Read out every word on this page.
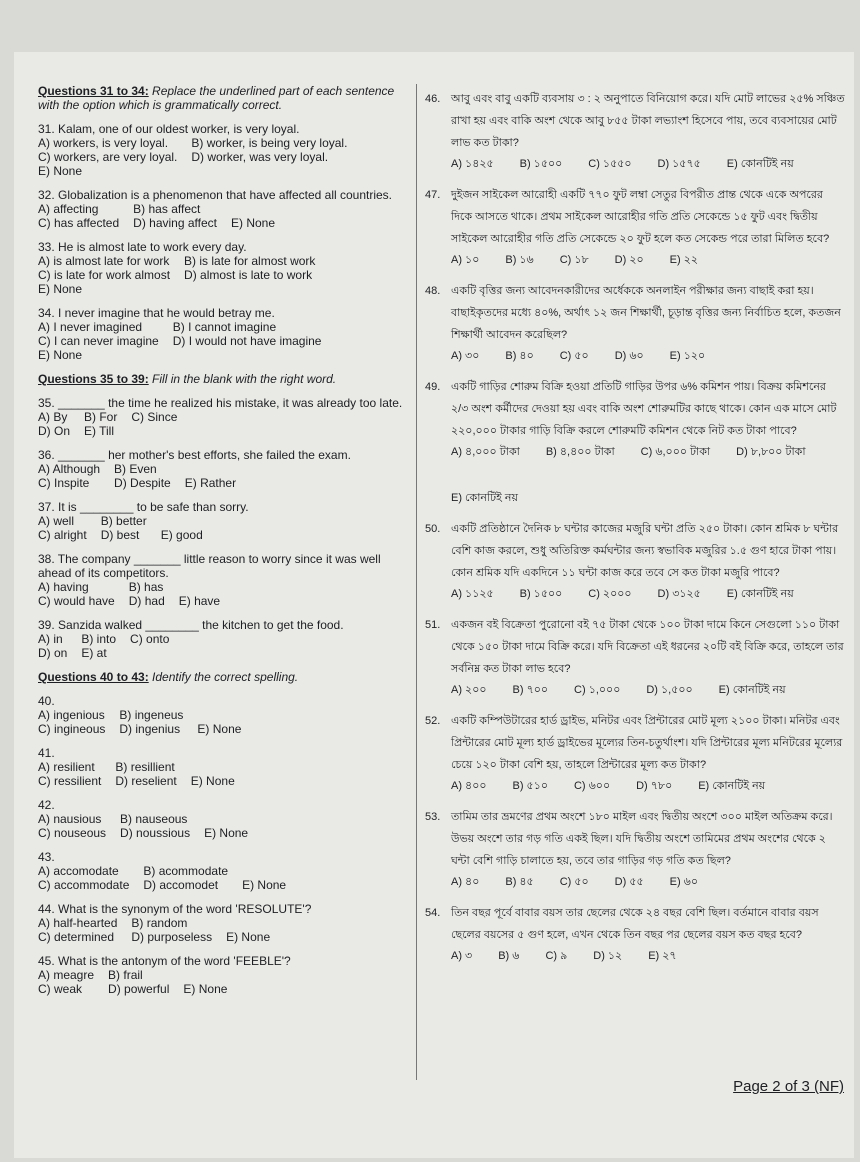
Questions 31 to 34: Replace the underlined part of each sentence with the option which is grammatically correct.
31. Kalam, one of our oldest worker, is very loyal.
A) workers, is very loyal.	B) worker, is being very loyal.
C) workers, are very loyal. D) worker, was very loyal.
E) None
32. Globalization is a phenomenon that have affected all countries.
A) affecting	B) has affect
C) has affected D) having affect E) None
33. He is almost late to work every day.
A) is almost late for work B) is late for almost work
C) is late for work almost D) almost is late to work
E) None
34. I never imagine that he would betray me.
A) I never imagined	B) I cannot imagine
C) I can never imagine D) I would not have imagine
E) None
Questions 35 to 39: Fill in the blank with the right word.
35. _______ the time he realized his mistake, it was already too late.
A) By B) For C) Since
D) On E) Till
36. _______ her mother's best efforts, she failed the exam.
A) Although B) Even
C) Inspite	D) Despite E) Rather
37. It is ________ to be safe than sorry.
A) well	B) better
C) alright D) best	E) good
38. The company _______ little reason to worry since it was well ahead of its competitors.
A) having	B) has
C) would have D) had E) have
39. Sanzida walked ________ the kitchen to get the food.
A) in	B) into C) onto
D) on E) at
Questions 40 to 43: Identify the correct spelling.
40.
A) ingenious B) ingeneus
C) ingineous D) ingenius E) None
41.
A) resilient	B) resillient
C) ressilient D) reselient E) None
42.
A) nausious	B) nauseous
C) nouseous D) noussious E) None
43.
A) accomodate	B) acommodate
C) accommodate D) accomodet	E) None
44. What is the synonym of the word 'RESOLUTE'?
A) half-hearted B) random
C) determined D) purposeless E) None
45. What is the antonym of the word 'FEEBLE'?
A) meagre B) frail
C) weak	D) powerful E) None
46. আবু এবং বাবু একটি ব্যবসায় ৩ : ২ অনুপাতে বিনিয়োগ করে। যদি মোট লাভের ২৫% সঞ্চিত রাখা হয় এবং বাকি অংশ থেকে আবু ৮৫৫ টাকা লভ্যাংশ হিসেবে পায়, তবে ব্যবসায়ের মোট লাভ কত টাকা?
A) ১৪২৫ B) ১৫০০ C) ১৫৫০ D) ১৫৭৫ E) কোনটিই নয়
47. দুইজন সাইকেল আরোহী একটি ৭৭০ ফুট লম্বা সেতুর বিপরীত প্রান্ত থেকে একে অপরের দিকে আসতে থাকে। প্রথম সাইকেল আরোহীর গতি প্রতি সেকেন্ডে ১৫ ফুট এবং দ্বিতীয় সাইকেল আরোহীর গতি প্রতি সেকেন্ডে ২০ ফুট হলে কত সেকেন্ড পরে তারা মিলিত হবে?
A) ১০ B) ১৬ C) ১৮ D) ২০ E) ২২
48. একটি বৃত্তির জন্য আবেদনকারীদের অর্ধেককে অনলাইন পরীক্ষার জন্য বাছাই করা হয়। বাছাইকৃতদের মধ্যে ৪০%, অর্থাৎ ১২ জন শিক্ষার্থী, চূড়ান্ত বৃত্তির জন্য নির্বাচিত হলে, কতজন শিক্ষার্থী আবেদন করেছিল?
A) ৩০ B) ৪০ C) ৫০ D) ৬০ E) ১২০
49. একটি গাড়ির শোরুম বিক্রি হওয়া প্রতিটি গাড়ির উপর ৬% কমিশন পায়। বিক্রয় কমিশনের ২/৩ অংশ কর্মীদের দেওয়া হয় এবং বাকি অংশ শোরুমটির কাছে থাকে। কোন এক মাসে মোট ২২০,০০০ টাকার গাড়ি বিক্রি করলে শোরুমটি কমিশন থেকে নিট কত টাকা পাবে?
A) ৪,০০০ টাকা B) ৪,৪০০ টাকা C) ৬,০০০ টাকা D) ৮,৮০০ টাকা
E) কোনটিই নয়
50. একটি প্রতিষ্ঠানে দৈনিক ৮ ঘন্টার কাজের মজুরি ঘন্টা প্রতি ২৫০ টাকা। কোন শ্রমিক ৮ ঘন্টার বেশি কাজ করলে, শুধু অতিরিক্ত কর্মঘন্টার জন্য স্বভাবিক মজুরির ১.৫ গুণ হারে টাকা পায়। কোন শ্রমিক যদি একদিনে ১১ ঘন্টা কাজ করে তবে সে কত টাকা মজুরি পাবে?
A) ১১২৫ B) ১৫০০ C) ২০০০ D) ৩১২৫ E) কোনটিই নয়
51. একজন বই বিক্রেতা পুরোনো বই ৭৫ টাকা থেকে ১০০ টাকা দামে কিনে সেগুলো ১১০ টাকা থেকে ১৫০ টাকা দামে বিক্রি করে। যদি বিক্রেতা এই ধরনের ২০টি বই বিক্রি করে, তাহলে তার সর্বনিম্ন কত টাকা লাভ হবে?
A) ২০০ B) ৭০০ C) ১,০০০ D) ১,৫০০ E) কোনটিই নয়
52. একটি কম্পিউটারের হার্ড ড্রাইভ, মনিটর এবং প্রিন্টারের মোট মূল্য ২১০০ টাকা। মনিটর এবং প্রিন্টারের মোট মূল্য হার্ড ড্রাইভের মূল্যের তিন-চতুর্থাংশ। যদি প্রিন্টারের মূল্য মনিটরের মূল্যের চেয়ে ১২০ টাকা বেশি হয়, তাহলে প্রিন্টারের মূল্য কত টাকা?
A) ৪০০ B) ৫১০ C) ৬০০ D) ৭৮০ E) কোনটিই নয়
53. তামিম তার ভ্রমণের প্রথম অংশে ১৮০ মাইল এবং দ্বিতীয় অংশে ৩০০ মাইল অতিক্রম করে। উভয় অংশে তার গড় গতি একই ছিল। যদি দ্বিতীয় অংশে তামিমের প্রথম অংশের থেকে ২ ঘন্টা বেশি গাড়ি চালাতে হয়, তবে তার গাড়ির গড় গতি কত ছিল?
A) ৪০ B) ৪৫ C) ৫০ D) ৫৫ E) ৬০
54. তিন বছর পূর্বে বাবার বয়স তার ছেলের থেকে ২৪ বছর বেশি ছিল। বর্তমানে বাবার বয়স ছেলের বয়সের ৫ গুণ হলে, এখন থেকে তিন বছর পর ছেলের বয়স কত বছর হবে?
A) ৩ B) ৬ C) ৯ D) ১২ E) ২৭
Page 2 of 3 (NF)
